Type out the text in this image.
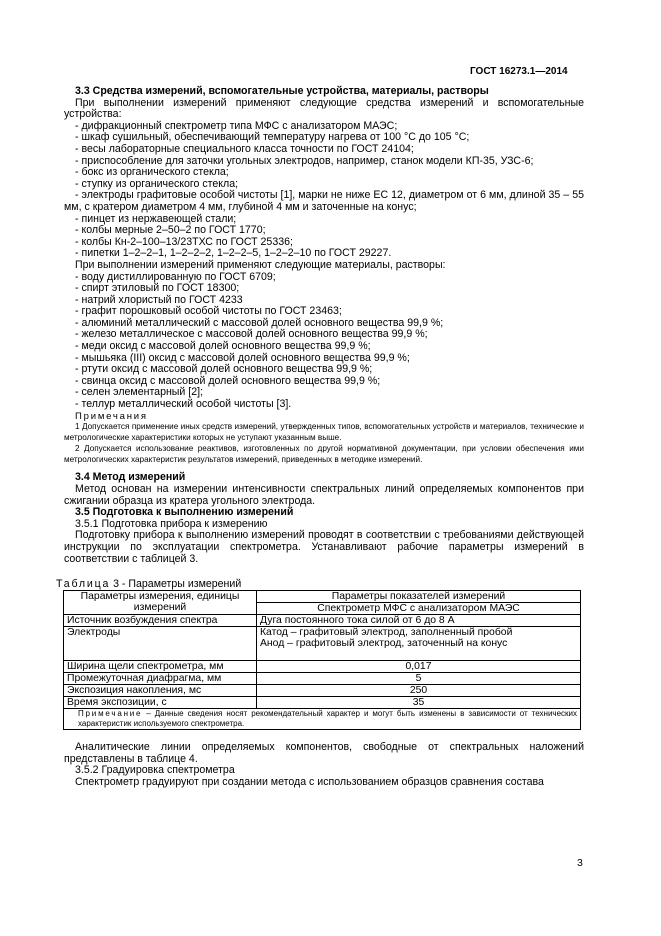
ГОСТ 16273.1—2014

3.3 Средства измерений, вспомогательные устройства, материалы, растворы

При выполнении измерений применяют следующие средства измерений и вспомогательные устройства:

- дифракционный спектрометр типа МФС с анализатором МАЭС;

- шкаф сушильный, обеспечивающий температуру нагрева от 100 °С до 105 °С;

- весы лабораторные специального класса точности по ГОСТ 24104;

- приспособление для заточки угольных электродов, например, станок модели КП-35, УЗС-6;

- бокс из органического стекла;

- ступку из органического стекла;

- электроды графитовые особой чистоты [1], марки не ниже ЕС 12, диаметром от 6 мм, длиной 35 – 55 мм, с кратером диаметром 4 мм, глубиной 4 мм и заточенные на конус;

- пинцет из нержавеющей стали;

- колбы мерные 2–50–2 по ГОСТ 1770;

- колбы Кн-2–100–13/23ТХС по ГОСТ 25336;

- пипетки 1–2–2–1, 1–2–2–2, 1–2–2–5, 1–2–2–10 по ГОСТ 29227.

При выполнении измерений применяют следующие материалы, растворы:

- воду дистиллированную по ГОСТ 6709;

- спирт этиловый по ГОСТ 18300;

- натрий хлористый по ГОСТ 4233

- графит порошковый особой чистоты по ГОСТ 23463;

- алюминий металлический с массовой долей основного вещества 99,9 %;

- железо металлическое с массовой долей основного вещества 99,9 %;

- меди оксид с массовой долей основного вещества 99,9 %;

- мышьяка (III) оксид с массовой долей основного вещества 99,9 %;

- ртути оксид с массовой долей основного вещества 99,9 %;

- свинца оксид с массовой долей основного вещества 99,9 %;

- селен элементарный [2];

- теллур металлический особой чистоты [3].

Примечания

1 Допускается применение иных средств измерений, утвержденных типов, вспомогательных устройств и материалов, технические и метрологические характеристики которых не уступают указанным выше.

2 Допускается использование реактивов, изготовленных по другой нормативной документации, при условии обеспечения ими метрологических характеристик результатов измерений, приведенных в методике измерений.

3.4 Метод измерений

Метод основан на измерении интенсивности спектральных линий определяемых компонентов при сжигании образца из кратера угольного электрода.

3.5 Подготовка к выполнению измерений

3.5.1 Подготовка прибора к измерению

Подготовку прибора к выполнению измерений проводят в соответствии с требованиями действующей инструкции по эксплуатации спектрометра. Устанавливают рабочие параметры измерений в соответствии с таблицей 3.

Таблица 3 - Параметры измерений
Параметры измерения, единицы измерений	Параметры показателей измерений
	Спектрометр МФС с анализатором МАЭС
Источник возбуждения спектра	Дуга постоянного тока силой от 6 до 8 А
Электроды	Катод – графитовый электрод, заполненный пробой
Анод – графитовый электрод, заточенный на конус

Ширина щели спектрометра, мм	0,017
Промежуточная диафрагма, мм	5
Экспозиция накопления, мс	250
Время экспозиции, с	35
Примечание – Данные сведения носят рекомендательный характер и могут быть изменены в зависимости от технических характеристик используемого спектрометра.	

Аналитические линии определяемых компонентов, свободные от спектральных наложений представлены в таблице 4.

3.5.2 Градуировка спектрометра

Спектрометр градуируют при создании метода с использованием образцов сравнения состава

3
